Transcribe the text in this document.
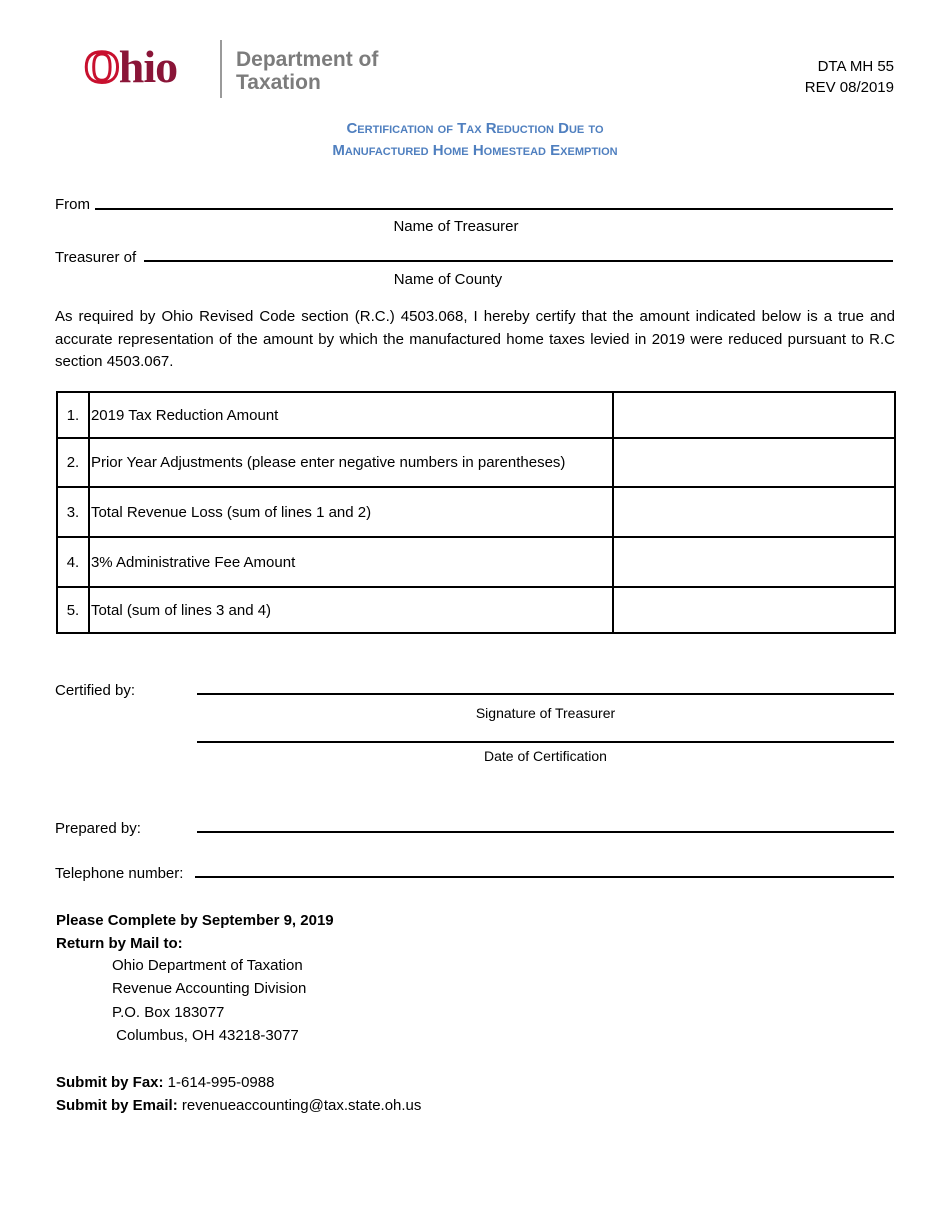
Ohio	Department of
Taxation
DTA MH 55
REV 08/2019
Certification of Tax Reduction Due to
Manufactured Home Homestead Exemption
From
Name of Treasurer
Treasurer of
Name of County
As required by Ohio Revised Code section (R.C.) 4503.068, I hereby certify that the amount indicated below is a true and accurate representation of the amount by which the manufactured home taxes levied in 2019 were reduced pursuant to R.C section 4503.067.
1.	2019 Tax Reduction Amount	
2.	Prior Year Adjustments (please enter negative numbers in parentheses)	
3.	Total Revenue Loss (sum of lines 1 and 2)	
4.	3% Administrative Fee Amount	
5.	Total (sum of lines 3 and 4)	
Certified by:
Signature of Treasurer
Date of Certification
Prepared by:
Telephone number:
Please Complete by September 9, 2019
Return by Mail to:
Ohio Department of Taxation
Revenue Accounting Division
P.O. Box 183077
Columbus, OH 43218-3077
Submit by Fax: 1-614-995-0988
Submit by Email: revenueaccounting@tax.state.oh.us
